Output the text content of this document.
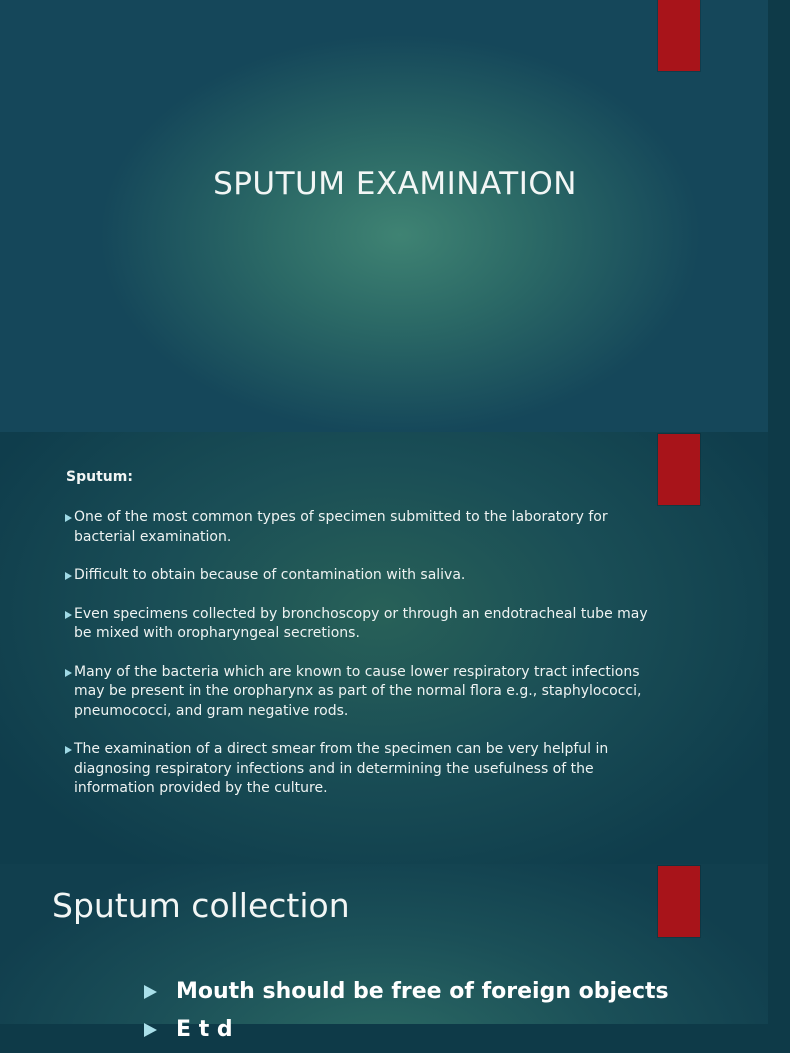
SPUTUM EXAMINATION
Sputum:
One of the most common types of specimen submitted to the laboratory for bacterial examination.
Difficult to obtain because of contamination with saliva.
Even specimens collected by bronchoscopy or through an endotracheal tube may be mixed with oropharyngeal secretions.
Many of the bacteria which are known to cause lower respiratory tract infections may be present in the oropharynx as part of the normal flora e.g., staphylococci, pneumococci, and gram negative rods.
The examination of a direct smear from the specimen can be very helpful in diagnosing respiratory infections and in determining the usefulness of the information provided by the culture.
Sputum collection
Mouth should be free of foreign objects
E t d
